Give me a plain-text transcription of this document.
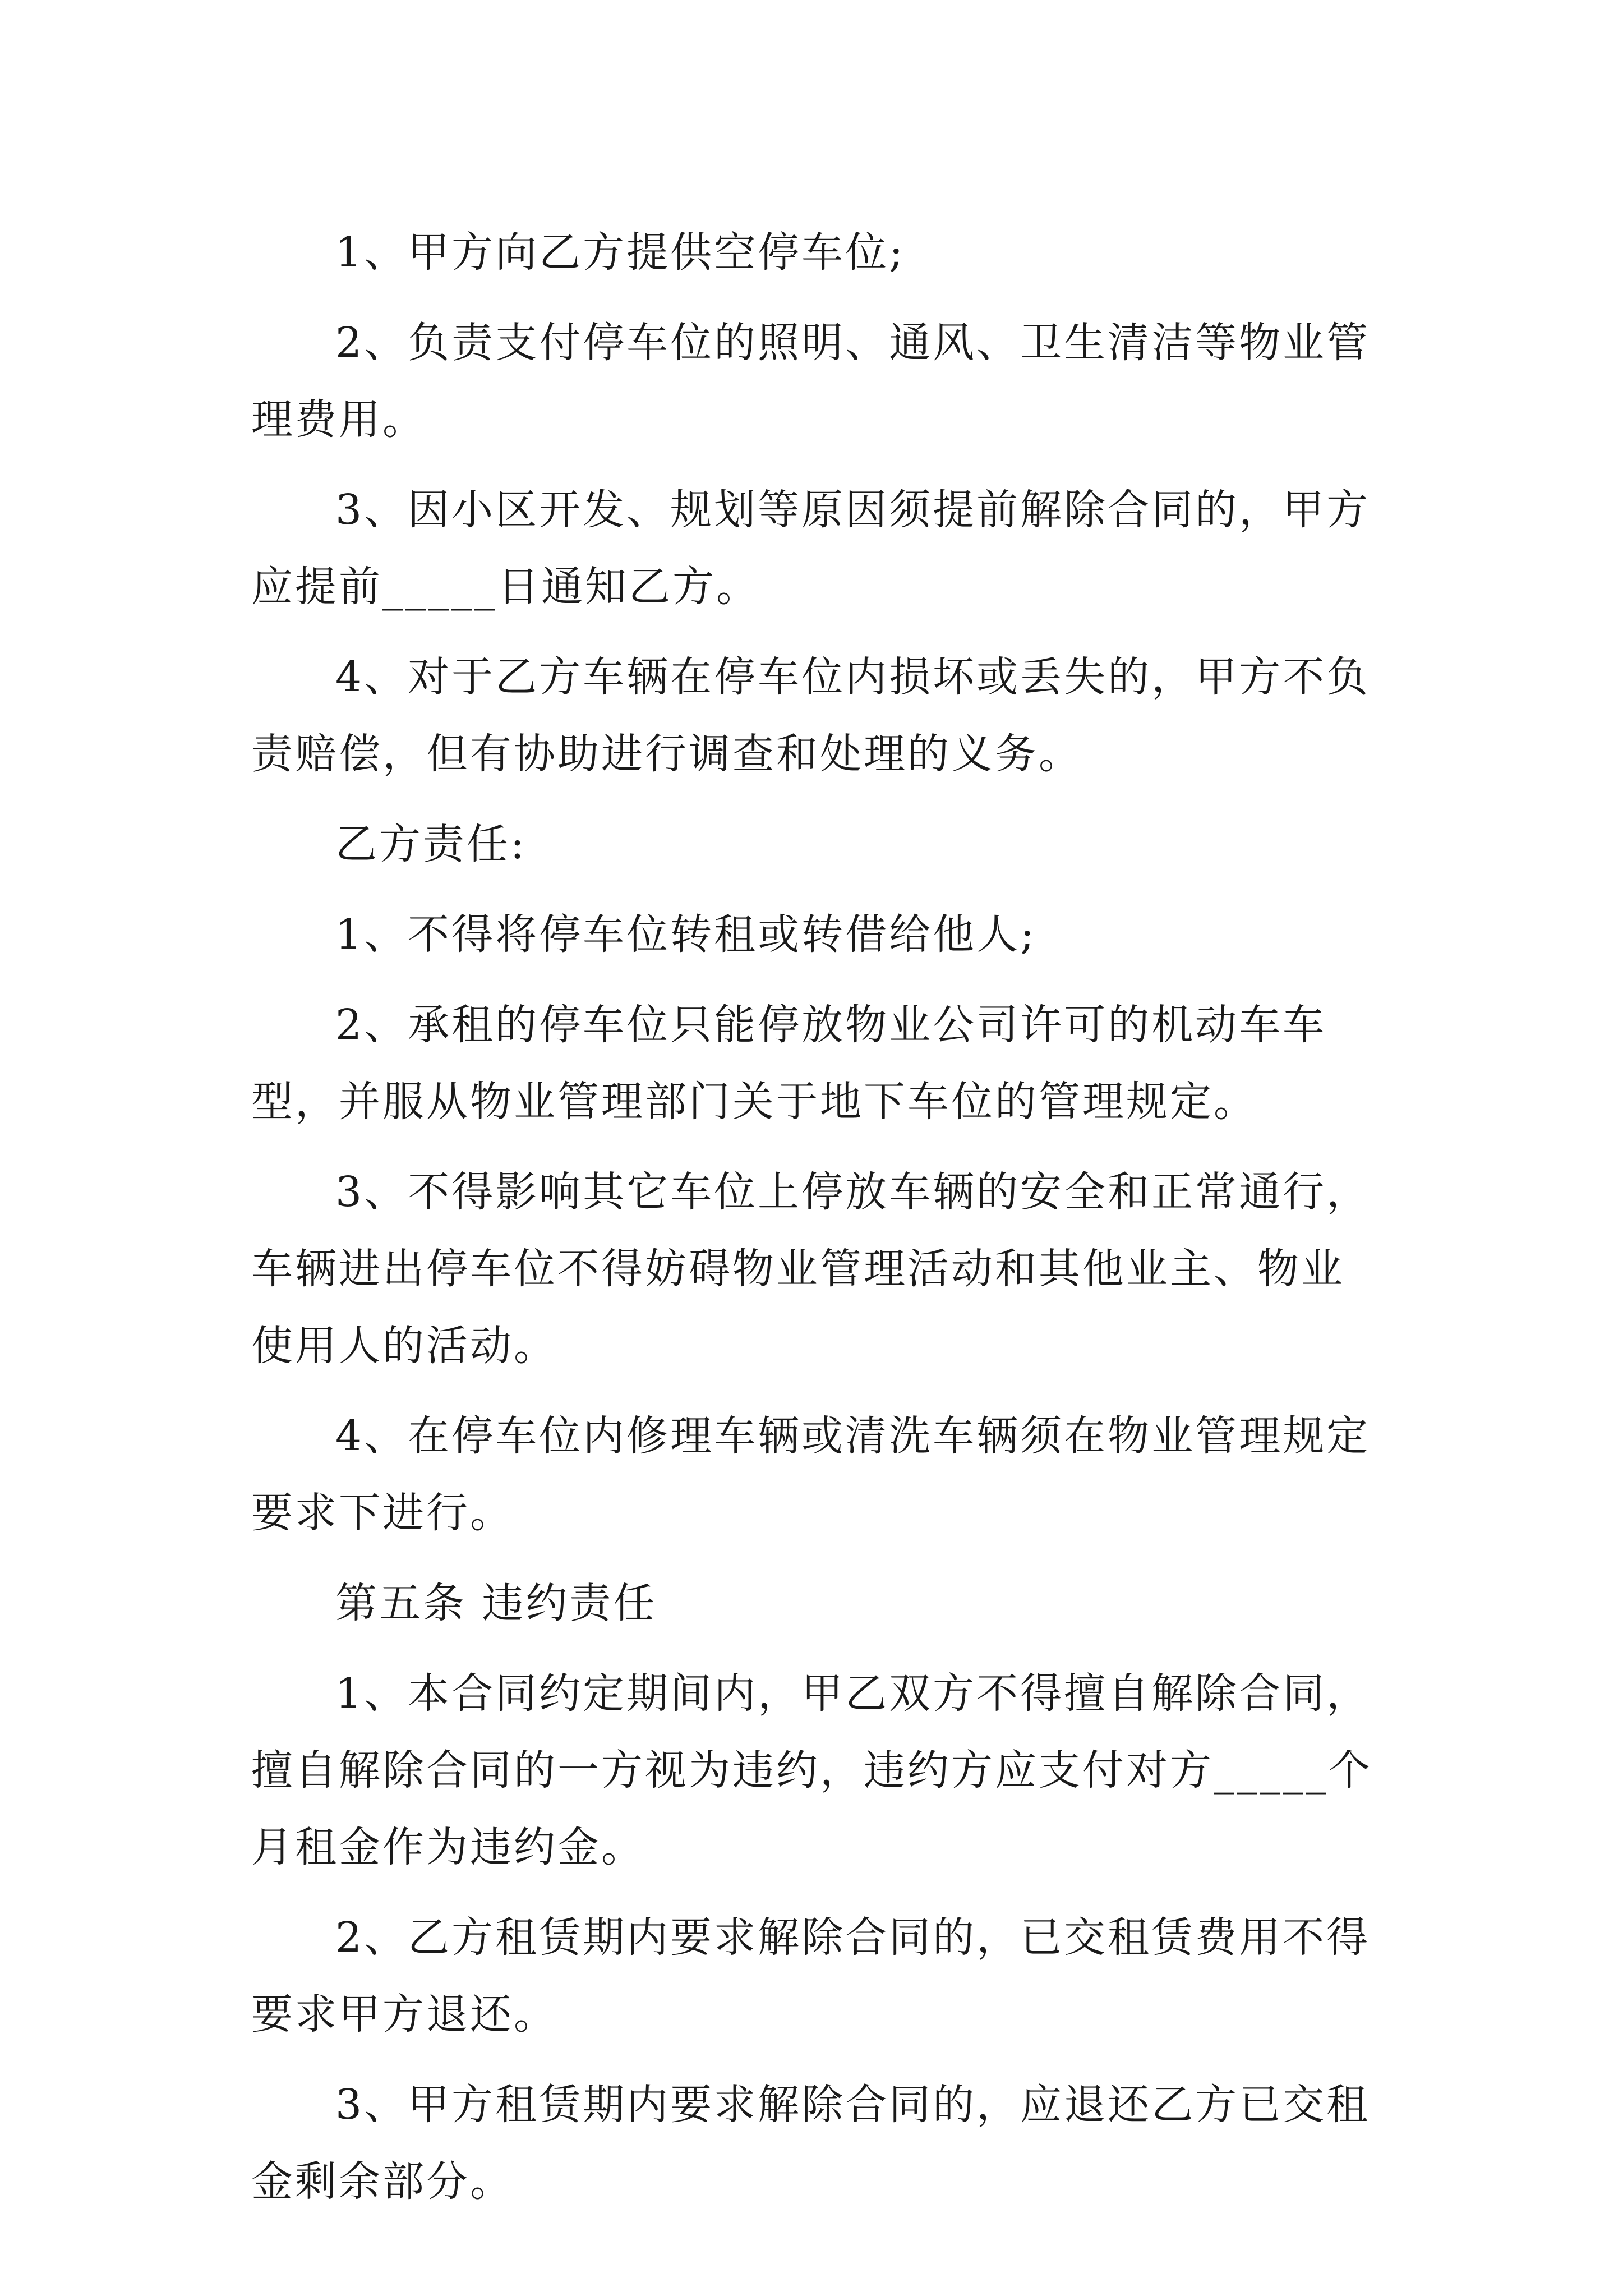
1、甲方向乙方提供空停车位;

2、负责支付停车位的照明、通风、卫生清洁等物业管理费用。

3、因小区开发、规划等原因须提前解除合同的，甲方应提前_____日通知乙方。

4、对于乙方车辆在停车位内损坏或丢失的，甲方不负责赔偿，但有协助进行调查和处理的义务。

乙方责任:

1、不得将停车位转租或转借给他人;

2、承租的停车位只能停放物业公司许可的机动车车型，并服从物业管理部门关于地下车位的管理规定。

3、不得影响其它车位上停放车辆的安全和正常通行，车辆进出停车位不得妨碍物业管理活动和其他业主、物业使用人的活动。

4、在停车位内修理车辆或清洗车辆须在物业管理规定要求下进行。

第五条 违约责任

1、本合同约定期间内，甲乙双方不得擅自解除合同，擅自解除合同的一方视为违约，违约方应支付对方_____个月租金作为违约金。

2、乙方租赁期内要求解除合同的，已交租赁费用不得要求甲方退还。

3、甲方租赁期内要求解除合同的，应退还乙方已交租金剩余部分。
